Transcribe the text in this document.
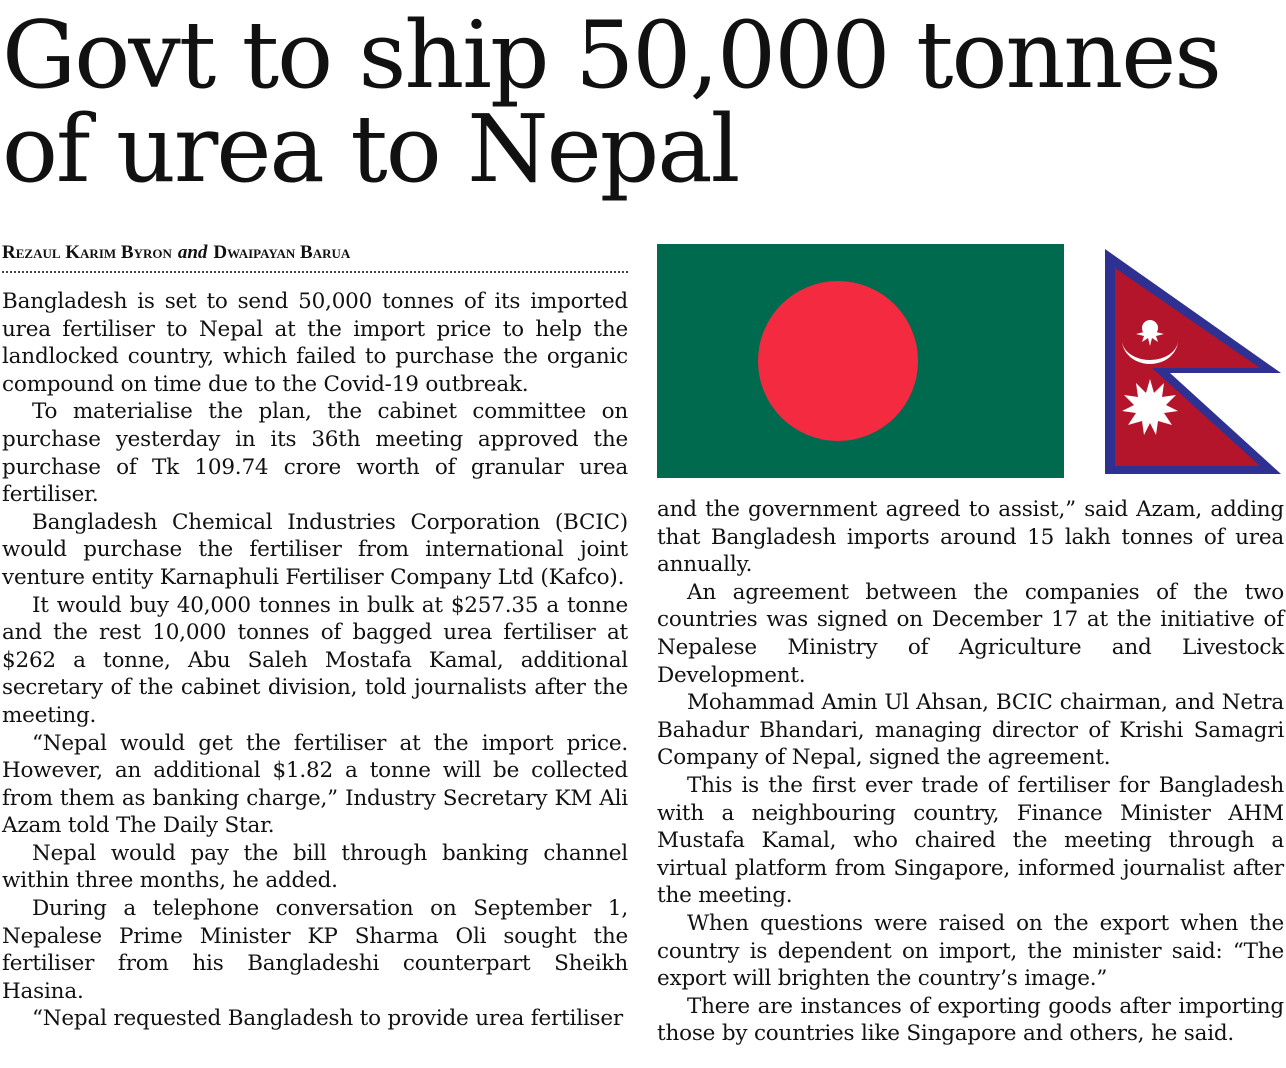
Govt to ship 50,000 tonnes
of urea to Nepal
Rezaul Karim Byron and Dwaipayan Barua

Bangladesh is set to send 50,000 tonnes of its imported urea fertiliser to Nepal at the import price to help the landlocked country, which failed to purchase the organic compound on time due to the Covid-19 outbreak.

To materialise the plan, the cabinet committee on purchase yesterday in its 36th meeting approved the purchase of Tk 109.74 crore worth of granular urea fertiliser.

Bangladesh Chemical Industries Corporation (BCIC) would purchase the fertiliser from international joint venture entity Karnaphuli Fertiliser Company Ltd (Kafco).

It would buy 40,000 tonnes in bulk at $257.35 a tonne and the rest 10,000 tonnes of bagged urea fertiliser at $262 a tonne, Abu Saleh Mostafa Kamal, additional secretary of the cabinet division, told journalists after the meeting.

“Nepal would get the fertiliser at the import price. However, an additional $1.82 a tonne will be collected from them as banking charge,” Industry Secretary KM Ali Azam told The Daily Star.

Nepal would pay the bill through banking channel within three months, he added.

During a telephone conversation on September 1, Nepalese Prime Minister KP Sharma Oli sought the fertiliser from his Bangladeshi counterpart Sheikh Hasina.

“Nepal requested Bangladesh to provide urea fertiliser

and the government agreed to assist,” said Azam, adding that Bangladesh imports around 15 lakh tonnes of urea annually.

An agreement between the companies of the two countries was signed on December 17 at the initiative of Nepalese Ministry of Agriculture and Livestock Development.

Mohammad Amin Ul Ahsan, BCIC chairman, and Netra Bahadur Bhandari, managing director of Krishi Samagri Company of Nepal, signed the agreement.

This is the first ever trade of fertiliser for Bangladesh with a neighbouring country, Finance Minister AHM Mustafa Kamal, who chaired the meeting through a virtual platform from Singapore, informed journalist after the meeting.

When questions were raised on the export when the country is dependent on import, the minister said: “The export will brighten the country’s image.”

There are instances of exporting goods after importing those by countries like Singapore and others, he said.
